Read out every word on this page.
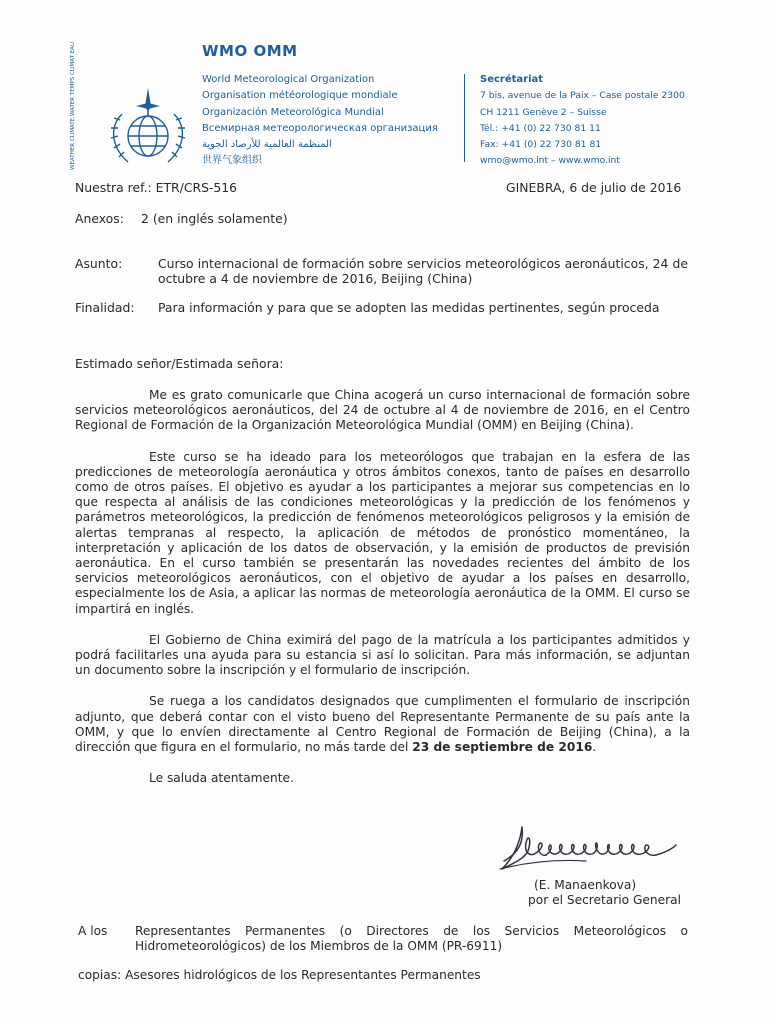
WMO OMM
WEATHER CLIMATE WATER TEMPS CLIMAT EAU	World Meteorological Organization
Organisation météorologique mondiale
Organización Meteorológica Mundial
Всемирная метеорологическая организация
المنظمة العالمية للأرصاد الجوية
世界气象组织
Secrétariat
7 bis, avenue de la Paix – Case postale 2300
CH 1211 Genève 2 – Suisse
Tél.: +41 (0) 22 730 81 11
Fax: +41 (0) 22 730 81 81
wmo@wmo.int – www.wmo.int
Nuestra ref.: ETR/CRS-516	GINEBRA, 6 de julio de 2016
Anexos: 2 (en inglés solamente)
Asunto:	Curso internacional de formación sobre servicios meteorológicos aeronáuticos, 24 de octubre a 4 de noviembre de 2016, Beijing (China)
Finalidad: Para información y para que se adopten las medidas pertinentes, según proceda
Estimado señor/Estimada señora:

Me es grato comunicarle que China acogerá un curso internacional de formación sobre servicios meteorológicos aeronáuticos, del 24 de octubre al 4 de noviembre de 2016, en el Centro Regional de Formación de la Organización Meteorológica Mundial (OMM) en Beijing (China).

Este curso se ha ideado para los meteorólogos que trabajan en la esfera de las predicciones de meteorología aeronáutica y otros ámbitos conexos, tanto de países en desarrollo como de otros países. El objetivo es ayudar a los participantes a mejorar sus competencias en lo que respecta al análisis de las condiciones meteorológicas y la predicción de los fenómenos y parámetros meteorológicos, la predicción de fenómenos meteorológicos peligrosos y la emisión de alertas tempranas al respecto, la aplicación de métodos de pronóstico momentáneo, la interpretación y aplicación de los datos de observación, y la emisión de productos de previsión aeronáutica. En el curso también se presentarán las novedades recientes del ámbito de los servicios meteorológicos aeronáuticos, con el objetivo de ayudar a los países en desarrollo, especialmente los de Asia, a aplicar las normas de meteorología aeronáutica de la OMM. El curso se impartirá en inglés.

El Gobierno de China eximirá del pago de la matrícula a los participantes admitidos y podrá facilitarles una ayuda para su estancia si así lo solicitan. Para más información, se adjuntan un documento sobre la inscripción y el formulario de inscripción.

Se ruega a los candidatos designados que cumplimenten el formulario de inscripción adjunto, que deberá contar con el visto bueno del Representante Permanente de su país ante la OMM, y que lo envíen directamente al Centro Regional de Formación de Beijing (China), a la dirección que figura en el formulario, no más tarde del 23 de septiembre de 2016.

Le saluda atentamente.

(E. Manaenkova)
por el Secretario General
A los Representantes Permanentes (o Directores de los Servicios Meteorológicos o Hidrometeorológicos) de los Miembros de la OMM (PR-6911)
copias: Asesores hidrológicos de los Representantes Permanentes
